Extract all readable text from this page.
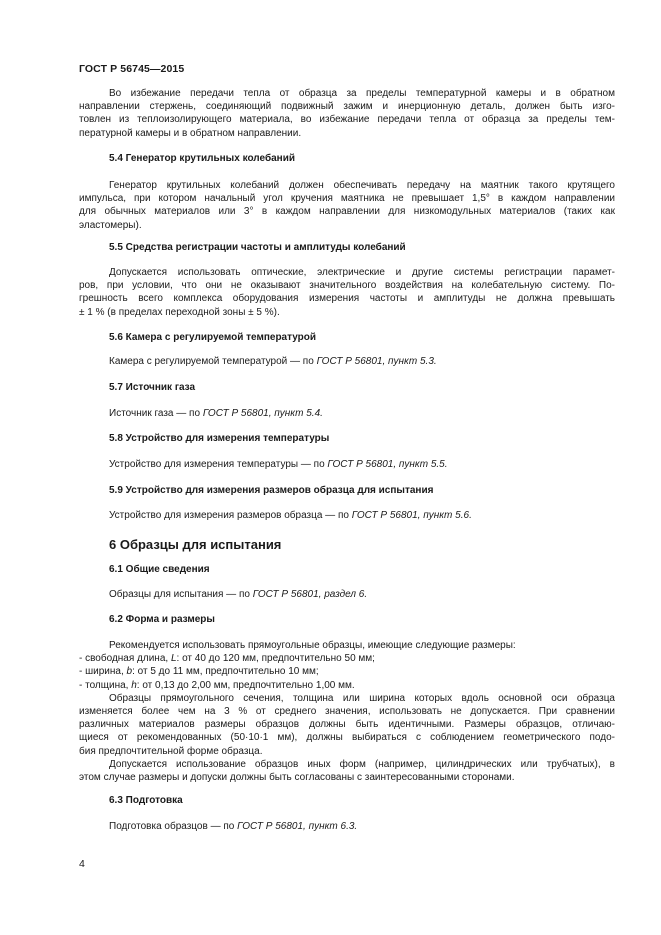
ГОСТ Р 56745—2015

Во избежание передачи тепла от образца за пределы температурной камеры и в обратном

направлении стержень, соединяющий подвижный зажим и инерционную деталь, должен быть изго-

товлен из теплоизолирующего материала, во избежание передачи тепла от образца за пределы тем-

пературной камеры и в обратном направлении.

5.4 Генератор крутильных колебаний

Генератор крутильных колебаний должен обеспечивать передачу на маятник такого крутящего

импульса, при котором начальный угол кручения маятника не превышает 1,5° в каждом направлении

для обычных материалов или 3° в каждом направлении для низкомодульных материалов (таких как

эластомеры).

5.5 Средства регистрации частоты и амплитуды колебаний

Допускается использовать оптические, электрические и другие системы регистрации парамет-

ров, при условии, что они не оказывают значительного воздействия на колебательную систему. По-

грешность всего комплекса оборудования измерения частоты и амплитуды не должна превышать

± 1 % (в пределах переходной зоны ± 5 %).

5.6 Камера с регулируемой температурой
Камера с регулируемой температурой — по ГОСТ Р 56801, пункт 5.3.
5.7 Источник газа
Источник газа — по ГОСТ Р 56801, пункт 5.4.
5.8 Устройство для измерения температуры
Устройство для измерения температуры — по ГОСТ Р 56801, пункт 5.5.
5.9 Устройство для измерения размеров образца для испытания
Устройство для измерения размеров образца — по ГОСТ Р 56801, пункт 5.6.
6 Образцы для испытания
6.1 Общие сведения
Образцы для испытания — по ГОСТ Р 56801, раздел 6.
6.2 Форма и размеры

Рекомендуется использовать прямоугольные образцы, имеющие следующие размеры:

- свободная длина, L: от 40 до 120 мм, предпочтительно 50 мм;

- ширина, b: от 5 до 11 мм, предпочтительно 10 мм;

- толщина, h: от 0,13 до 2,00 мм, предпочтительно 1,00 мм.

Образцы прямоугольного сечения, толщина или ширина которых вдоль основной оси образца

изменяется более чем на 3 % от среднего значения, использовать не допускается. При сравнении

различных материалов размеры образцов должны быть идентичными. Размеры образцов, отличаю-

щиеся от рекомендованных (50·10·1 мм), должны выбираться с соблюдением геометрического подо-

бия предпочтительной форме образца.

Допускается использование образцов иных форм (например, цилиндрических или трубчатых), в

этом случае размеры и допуски должны быть согласованы с заинтересованными сторонами.

6.3 Подготовка
Подготовка образцов — по ГОСТ Р 56801, пункт 6.3.
4
